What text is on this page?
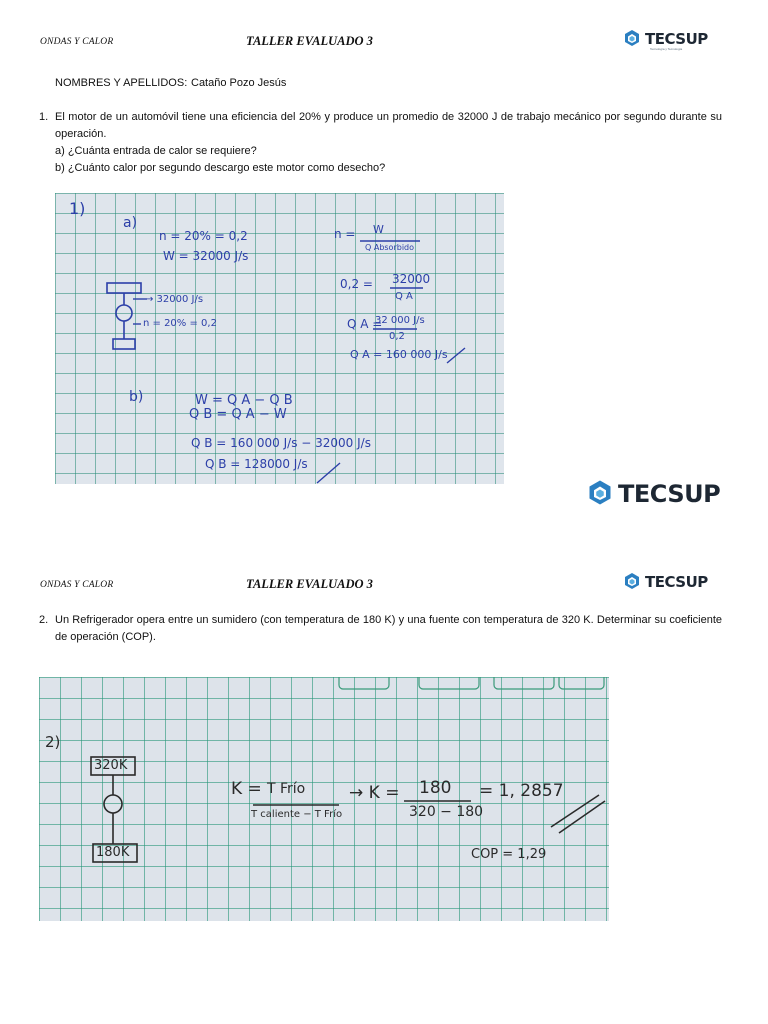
ONDAS Y CALOR	TALLER EVALUADO 3	TECSUP
Tecnología y Tecnología
NOMBRES Y APELLIDOS: Cataño Pozo Jesús
1. El motor de un automóvil tiene una eficiencia del 20% y produce un promedio de 32000 J de trabajo mecánico por segundo durante su operación.
a) ¿Cuánta entrada de calor se requiere?
b) ¿Cuánto calor por segundo descargo este motor como desecho?
1)
a)
n = 20% = 0,2
W = 32000 J/s
n = W
Q Absorbido
0,2 = 32000
Q A
→ 32000 J/s
n = 20% = 0,2	Q A =
32 000 J/s
0,2
Q A = 160 000 J/s
b)	W = Q A − Q B
Q B = Q A − W
Q B = 160 000 J/s − 32000 J/s
Q B = 128000 J/s
TECSUP
ONDAS Y CALOR	TALLER EVALUADO 3	TECSUP
2. Un Refrigerador opera entre un sumidero (con temperatura de 180 K) y una fuente con temperatura de 320 K. Determinar su coeficiente de operación (COP).
2)
320K
180K
K = T Frío
T caliente − T Frío
→ K = 180
320 − 180
= 1, 2857
COP = 1,29
